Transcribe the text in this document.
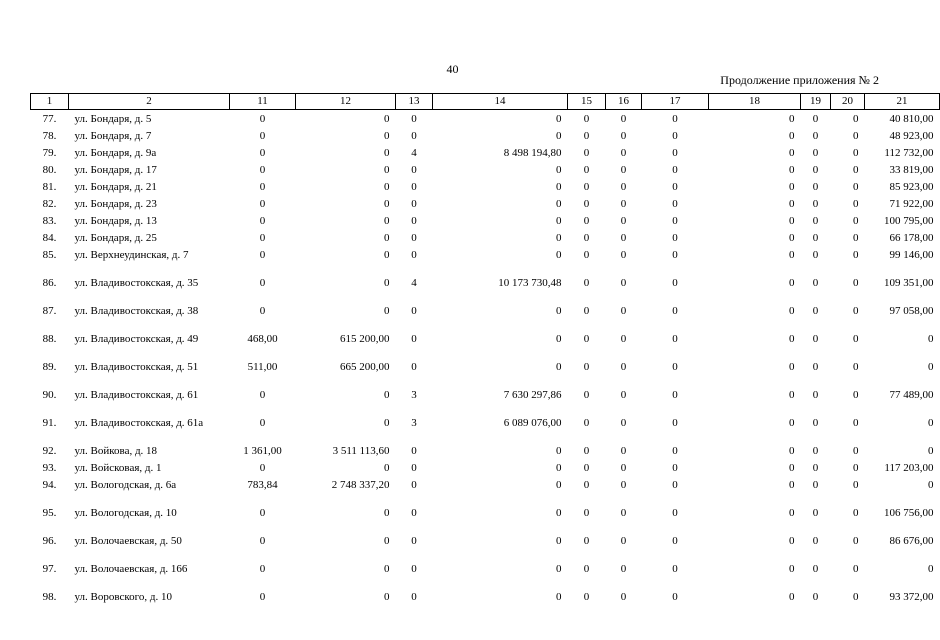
40
Продолжение приложения № 2
1	2	11	12	13	14	15	16	17	18	19	20	21
77.	ул. Бондаря, д. 5	0	0	0	0	0	0	0	0	0	0	40 810,00
78.	ул. Бондаря, д. 7	0	0	0	0	0	0	0	0	0	0	48 923,00
79.	ул. Бондаря, д. 9а	0	0	4	8 498 194,80	0	0	0	0	0	0	112 732,00
80.	ул. Бондаря, д. 17	0	0	0	0	0	0	0	0	0	0	33 819,00
81.	ул. Бондаря, д. 21	0	0	0	0	0	0	0	0	0	0	85 923,00
82.	ул. Бондаря, д. 23	0	0	0	0	0	0	0	0	0	0	71 922,00
83.	ул. Бондаря, д. 13	0	0	0	0	0	0	0	0	0	0	100 795,00
84.	ул. Бондаря, д. 25	0	0	0	0	0	0	0	0	0	0	66 178,00
85.	ул. Верхнеудинская, д. 7	0	0	0	0	0	0	0	0	0	0	99 146,00
86.	ул. Владивостокская, д. 35	0	0	4	10 173 730,48	0	0	0	0	0	0	109 351,00
87.	ул. Владивостокская, д. 38	0	0	0	0	0	0	0	0	0	0	97 058,00
88.	ул. Владивостокская, д. 49	468,00	615 200,00	0	0	0	0	0	0	0	0	0
89.	ул. Владивостокская, д. 51	511,00	665 200,00	0	0	0	0	0	0	0	0	0
90.	ул. Владивостокская, д. 61	0	0	3	7 630 297,86	0	0	0	0	0	0	77 489,00
91.	ул. Владивостокская, д. 61а	0	0	3	6 089 076,00	0	0	0	0	0	0	0
92.	ул. Войкова, д. 18	1 361,00	3 511 113,60	0	0	0	0	0	0	0	0	0
93.	ул. Войсковая, д. 1	0	0	0	0	0	0	0	0	0	0	117 203,00
94.	ул. Вологодская, д. 6а	783,84	2 748 337,20	0	0	0	0	0	0	0	0	0
95.	ул. Вологодская, д. 10	0	0	0	0	0	0	0	0	0	0	106 756,00
96.	ул. Волочаевская, д. 50	0	0	0	0	0	0	0	0	0	0	86 676,00
97.	ул. Волочаевская, д. 166	0	0	0	0	0	0	0	0	0	0	0
98.	ул. Воровского, д. 10	0	0	0	0	0	0	0	0	0	0	93 372,00
